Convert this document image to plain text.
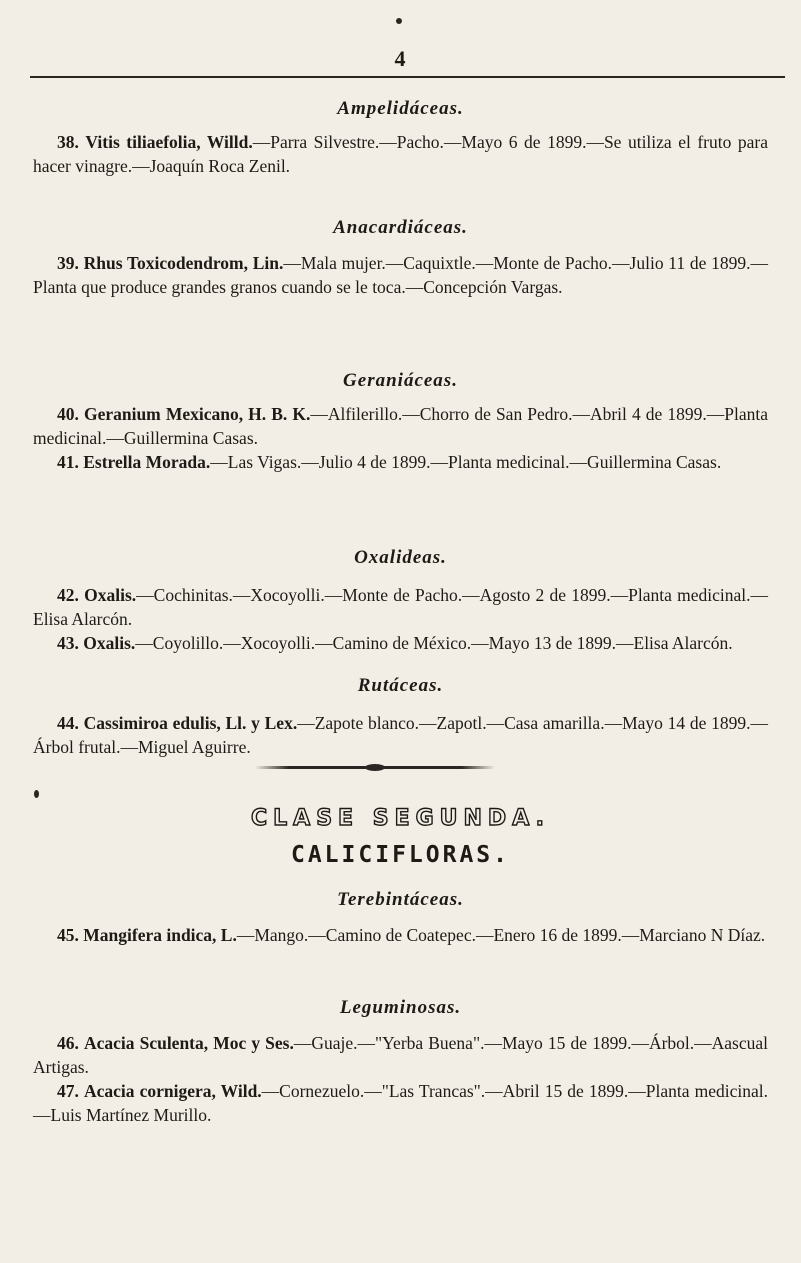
4

Ampelidáceas.

38. Vitis tiliaefolia, Willd.—Parra Silvestre.—Pacho.—Mayo 6 de 1899.—Se utiliza el fruto para hacer vinagre.—Joaquín Roca Zenil.

Anacardiáceas.

39. Rhus Toxicodendrom, Lin.—Mala mujer.—Caquixtle.—Monte de Pacho.—Julio 11 de 1899.—Planta que produce grandes granos cuando se le toca.—Concepción Vargas.

Geraniáceas.

40. Geranium Mexicano, H. B. K.—Alfilerillo.—Chorro de San Pedro.—Abril 4 de 1899.—Planta medicinal.—Guillermina Casas.

41. Estrella Morada.—Las Vigas.—Julio 4 de 1899.—Planta medicinal.—Guillermina Casas.

Oxalideas.

42. Oxalis.—Cochinitas.—Xocoyolli.—Monte de Pacho.—Agosto 2 de 1899.—Planta medicinal.—Elisa Alarcón.

43. Oxalis.—Coyolillo.—Xocoyolli.—Camino de México.—Mayo 13 de 1899.—Elisa Alarcón.

Rutáceas.

44. Cassimiroa edulis, Ll. y Lex.—Zapote blanco.—Zapotl.—Casa amarilla.—Mayo 14 de 1899.—Árbol frutal.—Miguel Aguirre.

CLASE SEGUNDA.
CALICIFLORAS.

Terebintáceas.

45. Mangifera indica, L.—Mango.—Camino de Coatepec.—Enero 16 de 1899.—Marciano N Díaz.

Leguminosas.

46. Acacia Sculenta, Moc y Ses.—Guaje.—"Yerba Buena".—Mayo 15 de 1899.—Árbol.—Aascual Artigas.

47. Acacia cornigera, Wild.—Cornezuelo.—"Las Trancas".—Abril 15 de 1899.—Planta medicinal.—Luis Martínez Murillo.
